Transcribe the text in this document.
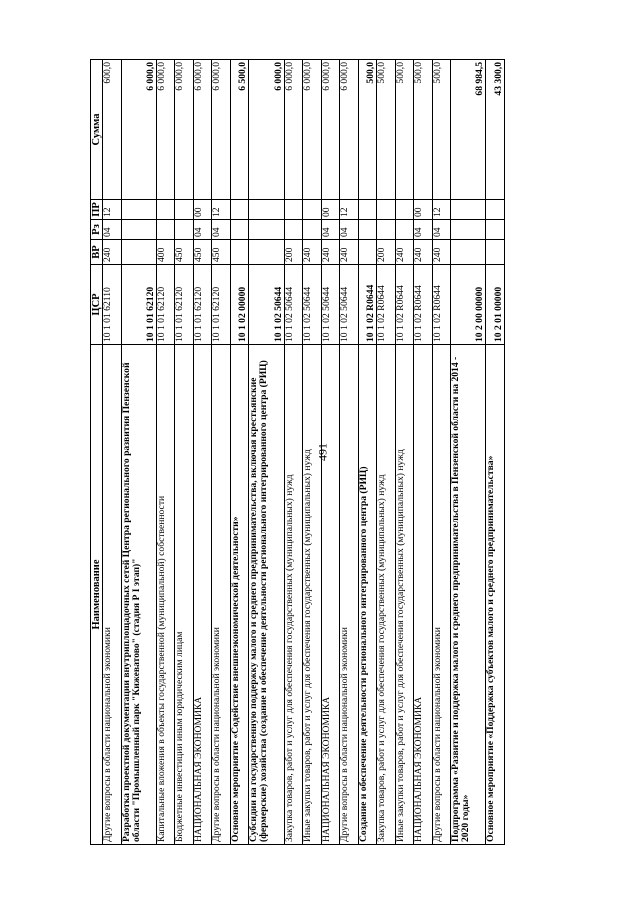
491
Наименование	ЦСР	ВР	Рз	ПР	Сумма
Другие вопросы в области национальной экономики	10 1 01 62110	240	04	12	600,0
Разработка проектной документации внутриплощадочных сетей Центра регионального развития Пензенской области "Промышленный парк "Кижеватово" (стадия Р I этап)"	10 1 01 62120				6 000,0
Капитальные вложения в объекты государственной (муниципальной) собственности	10 1 01 62120	400			6 000,0
Бюджетные инвестиции иным юридическим лицам	10 1 01 62120	450			6 000,0
НАЦИОНАЛЬНАЯ ЭКОНОМИКА	10 1 01 62120	450	04	00	6 000,0
Другие вопросы в области национальной экономики	10 1 01 62120	450	04	12	6 000,0
Основное мероприятие «Содействие внешнеэкономической деятельности»	10 1 02 00000				6 500,0
Субсидии на государственную поддержку малого и среднего предпринимательства, включая крестьянские (фермерские) хозяйства (создание и обеспечение деятельности регионального интегрированного центра (РИЦ)	10 1 02 50644				6 000,0
Закупка товаров, работ и услуг для обеспечения государственных (муниципальных) нужд	10 1 02 50644	200			6 000,0
Иные закупки товаров, работ и услуг для обеспечения государственных (муниципальных) нужд	10 1 02 50644	240			6 000,0
НАЦИОНАЛЬНАЯ ЭКОНОМИКА	10 1 02 50644	240	04	00	6 000,0
Другие вопросы в области национальной экономики	10 1 02 50644	240	04	12	6 000,0
Создание и обеспечение деятельности регионального интегрированного центра (РИЦ)	10 1 02 R0644				500,0
Закупка товаров, работ и услуг для обеспечения государственных (муниципальных) нужд	10 1 02 R0644	200			500,0
Иные закупки товаров, работ и услуг для обеспечения государственных (муниципальных) нужд	10 1 02 R0644	240			500,0
НАЦИОНАЛЬНАЯ ЭКОНОМИКА	10 1 02 R0644	240	04	00	500,0
Другие вопросы в области национальной экономики	10 1 02 R0644	240	04	12	500,0
Подпрограмма «Развитие и поддержка малого и среднего предпринимательства в Пензенской области на 2014 - 2020 годы»	10 2 00 00000				68 984,5
Основное мероприятие «Поддержка субъектов малого и среднего предпринимательства»	10 2 01 00000				43 300,0
